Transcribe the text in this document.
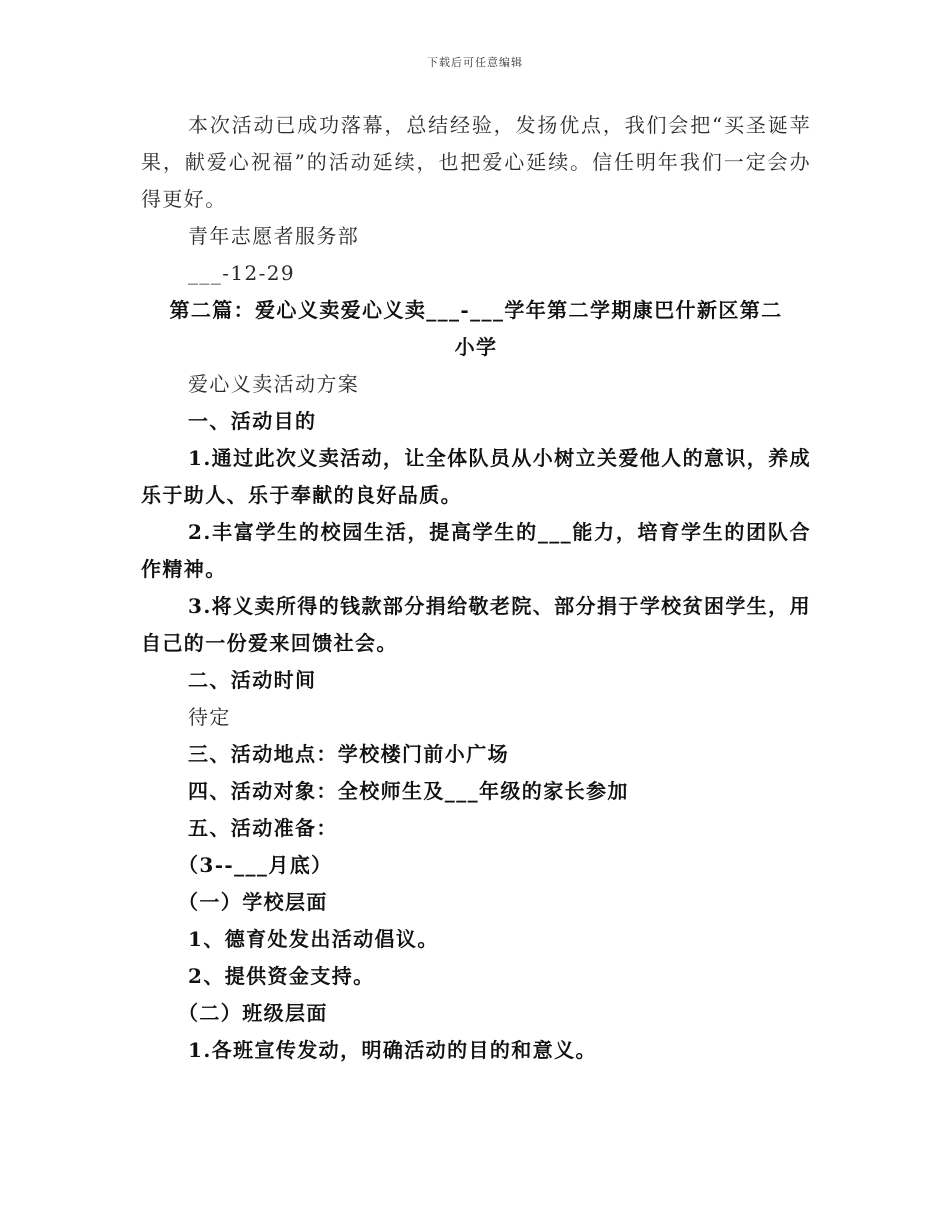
下载后可任意编辑

本次活动已成功落幕，总结经验，发扬优点，我们会把“买圣诞苹果，献爱心祝福”的活动延续，也把爱心延续。信任明年我们一定会办得更好。

青年志愿者服务部

___-12-29

第二篇：爱心义卖爱心义卖___-___学年第二学期康巴什新区第二

小学

爱心义卖活动方案

一、活动目的

1.通过此次义卖活动，让全体队员从小树立关爱他人的意识，养成乐于助人、乐于奉献的良好品质。

2.丰富学生的校园生活，提高学生的___能力，培育学生的团队合作精神。

3.将义卖所得的钱款部分捐给敬老院、部分捐于学校贫困学生，用自己的一份爱来回馈社会。

二、活动时间

待定

三、活动地点：学校楼门前小广场

四、活动对象：全校师生及___年级的家长参加

五、活动准备：

（3--___月底）

（一）学校层面

1、德育处发出活动倡议。

2、提供资金支持。

（二）班级层面

1.各班宣传发动，明确活动的目的和意义。
